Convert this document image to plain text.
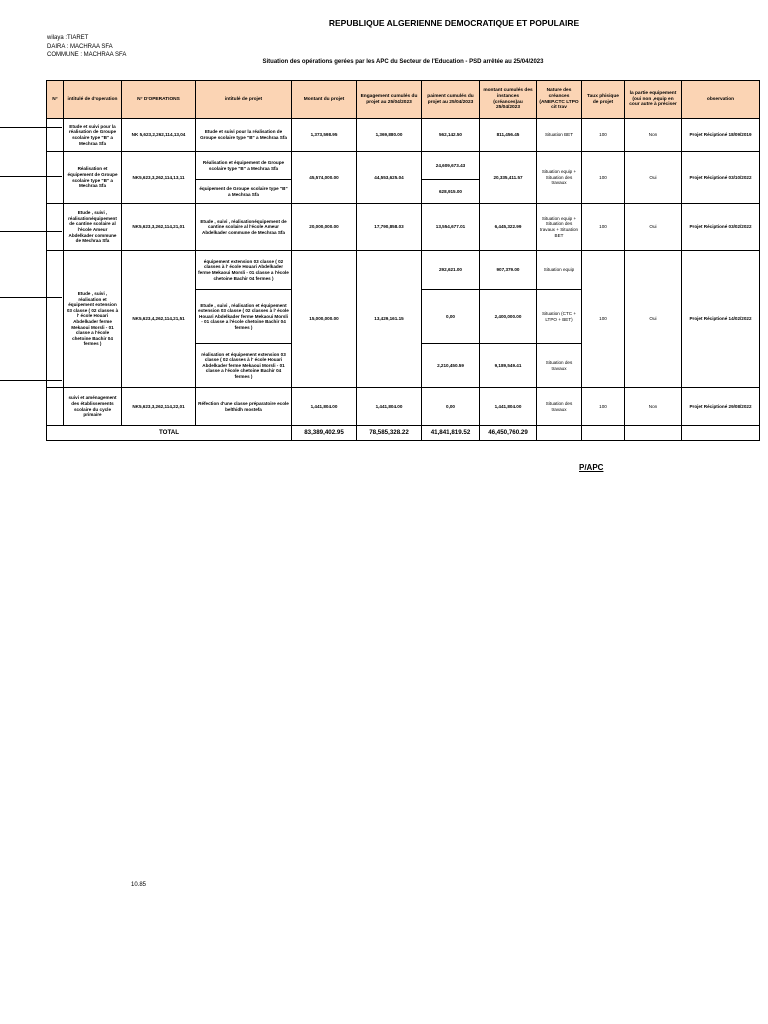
REPUBLIQUE ALGERIENNE DEMOCRATIQUE ET POPULAIRE
wilaya :TIARET
DAIRA : MACHRAA SFA
COMMUNE : MACHRAA SFA
Situation des opérations gerées par les APC du Secteur de l'Education - PSD arrêtée au 25/04/2023
N°	intitulé de d'operation	N° D'OPERATIONS	intitulé de projet	Montant du projet	Engagement cumulés du projet au 25/04/2023	paiment cumulés du projet au 25/04/2023	montant cumulés des instances (créances)au 25/04/2023	Nature des créances (ANEP.CTC LTPO cit trav	Taux phisique de projet	la partie equipement (oui non ,equip en cour autre à préciser	observation
	Etude et suivi pour la réalisation de Groupe scolaire type "B" a Mechraa Sfa	NK 5,623,2,262,114,13,04	Etude et suivi pour la réalisation de Groupe scolaire type "B" a Mechraa Sfa	1,373,598.95	1,369,880.00	562,142.50	811,456.45	Situation BET	100	Non	Projet Réciptioné 18/09/2019
	Réalisation et équipement de Groupe scolaire type "B" a Mechraa Sfa	NK5,623,3,262,114,13,11	Réalisation et équipement de Groupe scolaire type "B" a Mechraa Sfa	45,574,000.00	44,553,625.04	24,609,673.43	20,335,411.57	Situation equip + Situation des travaux	100	Oui	Projet Réciptioné 03/10/2022
			équipement de Groupe scolaire type "B" a Mechraa Sfa			628,915.00					
	Etude , suivi , réalisationéquipement de cantine scolaire al l'école Ameur Abdelkader commune de Mechraa Sfa	NK5,623,3,262,114,21,01	Etude , suivi , réalisationéquipement de cantine scolaire al l'école Ameur Abdelkader commune de Mechraa Sfa	20,000,000.00	17,790,858.03	13,554,677.01	6,445,322.99	Situation equip + Situation des travaux + Situation BET	100	Oui	Projet Réciptioné 03/02/2022
	Etude , suivi , réalisation et équipement extension 03 classe ( 02 classes à l' école Houari Abdelkader ferme Mekaoui Morsli - 01 classe a l'école chetoine Bachir 04 fermes )	NK5,623,4,262,114,21,51	équipement extension 03 classe ( 02 classes à l' école Houari Abdelkader ferme Mekaoui Morsli - 01 classe a l'école chetoine Bachir 04 fermes )	15,000,000.00	13,429,161.15	292,621.00	907,379.00	Situation equip	100	Oui	Projet Réciptioné 14/02/2022
			Etude , suivi , réalisation et équipement extension 03 classe ( 02 classes à l' école Houari Abdelkader ferme Mekaoui Morsli - 01 classe a l'école chetoine Bachir 04 fermes )			0,00	2,400,000.00	Situation (CTC + LTPO + BET)			
			réalisation et équipement extension 03 classe ( 02 classes à l' école Houari Abdelkader ferme Mekaoui Morsli - 01 classe a l'école chetoine Bachir 04 fermes )			2,210,450.59	9,189,549.41	Situation des travaux			
	suivi et aménagement des établissements scolaire du cycle primaire	NK5,623,3,262,114,22,01	Réfection d'une classe préparatoire ecole belthidh mostefa	1,441,804.00	1,441,804.00	0,00	1,441,804.00	Situation des travaux	100	Non	Projet Réciptioné 29/08/2022
TOTAL				83,389,402.95	78,585,328.22	41,841,819.52	46,450,760.29				
P/APC
10.85
